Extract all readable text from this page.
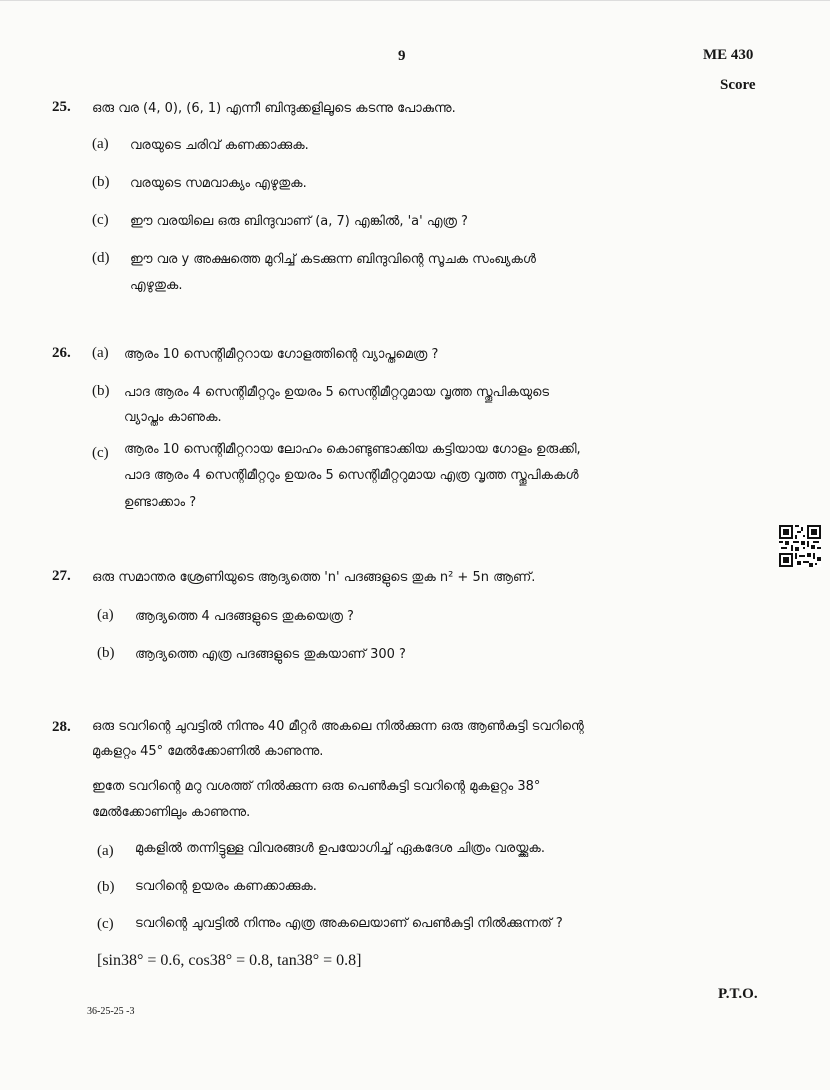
9	ME 430
Score
25. ഒരു വര (4, 0), (6, 1) എന്നീ ബിന്ദുക്കളിലൂടെ കടന്നു പോകുന്നു.
(a) വരയുടെ ചരിവ് കണക്കാക്കുക.
(b) വരയുടെ സമവാക്യം എഴുതുക.
(c) ഈ വരയിലെ ഒരു ബിന്ദുവാണ് (a, 7) എങ്കിൽ, 'a' എത്ര ?
(d) ഈ വര y അക്ഷത്തെ മുറിച്ച് കടക്കുന്ന ബിന്ദുവിന്റെ സൂചക സംഖ്യകൾ
എഴുതുക.
26. (a) ആരം 10 സെന്റിമീറ്ററായ ഗോളത്തിന്റെ വ്യാപ്തമെത്ര ?
(b) പാദ ആരം 4 സെന്റിമീറ്ററും ഉയരം 5 സെന്റിമീറ്ററുമായ വൃത്ത സ്തൂപികയുടെ
വ്യാപ്തം കാണുക.
(c) ആരം 10 സെന്റിമീറ്ററായ ലോഹം കൊണ്ടുണ്ടാക്കിയ കട്ടിയായ ഗോളം ഉരുക്കി,
പാദ ആരം 4 സെന്റിമീറ്ററും ഉയരം 5 സെന്റിമീറ്ററുമായ എത്ര വൃത്ത സ്തൂപികകൾ
ഉണ്ടാക്കാം ?
27. ഒരു സമാന്തര ശ്രേണിയുടെ ആദ്യത്തെ 'n' പദങ്ങളുടെ തുക n² + 5n ആണ്.
(a) ആദ്യത്തെ 4 പദങ്ങളുടെ തുകയെത്ര ?
(b) ആദ്യത്തെ എത്ര പദങ്ങളുടെ തുകയാണ് 300 ?
28. ഒരു ടവറിന്റെ ചുവട്ടിൽ നിന്നും 40 മീറ്റർ അകലെ നിൽക്കുന്ന ഒരു ആൺകുട്ടി ടവറിന്റെ
മുകളറ്റം 45° മേൽക്കോണിൽ കാണുന്നു.
ഇതേ ടവറിന്റെ മറു വശത്ത് നിൽക്കുന്ന ഒരു പെൺകുട്ടി ടവറിന്റെ മുകളറ്റം 38°
മേൽക്കോണിലും കാണുന്നു.
(a) മുകളിൽ തന്നിട്ടുള്ള വിവരങ്ങൾ ഉപയോഗിച്ച് ഏകദേശ ചിത്രം വരയ്ക്കുക.
(b) ടവറിന്റെ ഉയരം കണക്കാക്കുക.
(c) ടവറിന്റെ ചുവട്ടിൽ നിന്നും എത്ര അകലെയാണ് പെൺകുട്ടി നിൽക്കുന്നത് ?
[sin38° = 0.6, cos38° = 0.8, tan38° = 0.8]
P.T.O.
36-25-25 -3
